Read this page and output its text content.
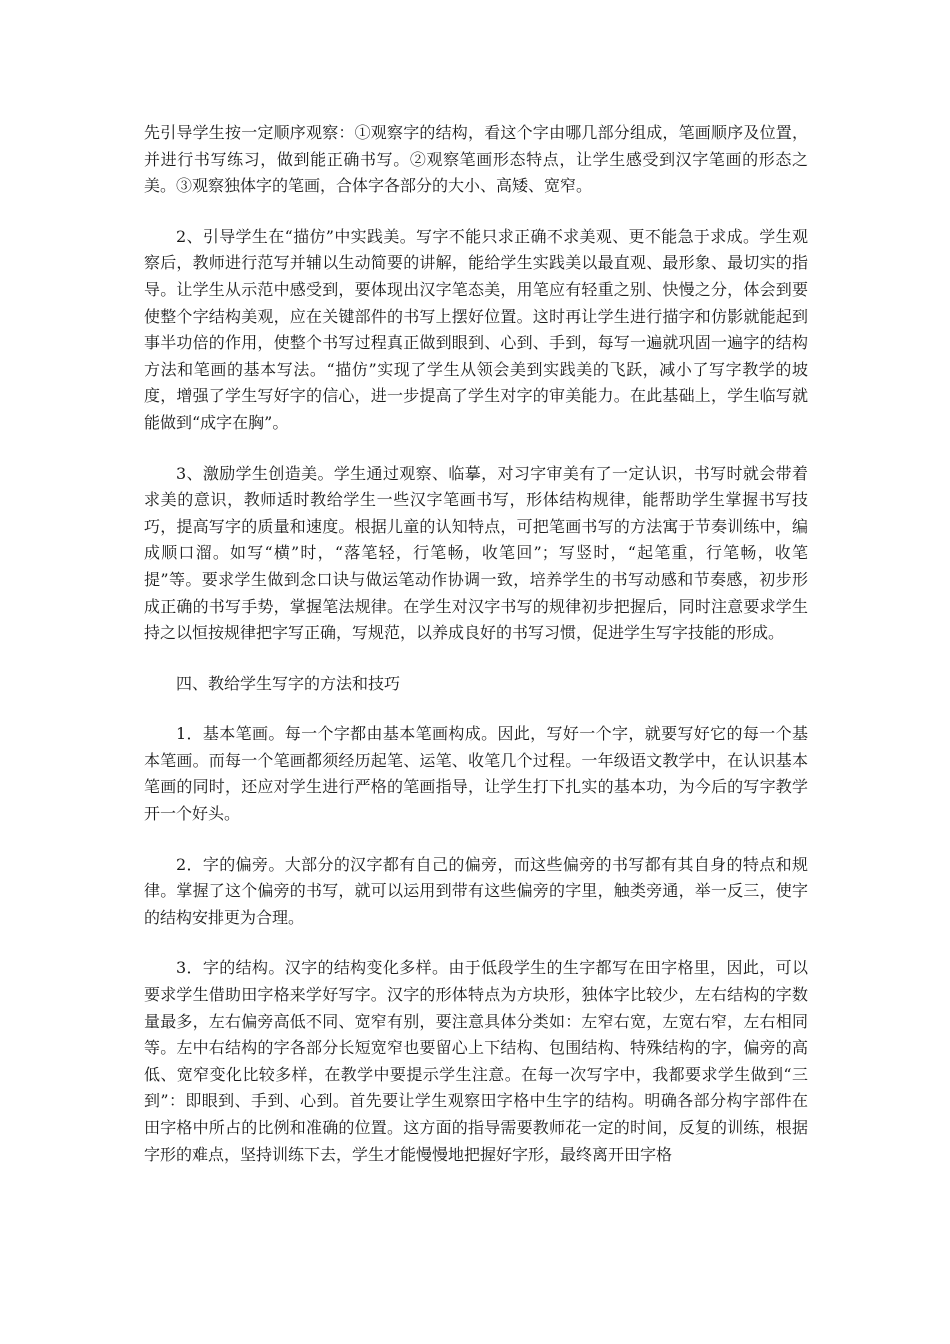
先引导学生按一定顺序观察：①观察字的结构，看这个字由哪几部分组成，笔画顺序及位置，并进行书写练习，做到能正确书写。②观察笔画形态特点，让学生感受到汉字笔画的形态之美。③观察独体字的笔画，合体字各部分的大小、高矮、宽窄。

2、引导学生在“描仿”中实践美。写字不能只求正确不求美观、更不能急于求成。学生观察后，教师进行范写并辅以生动简要的讲解，能给学生实践美以最直观、最形象、最切实的指导。让学生从示范中感受到，要体现出汉字笔态美，用笔应有轻重之别、快慢之分，体会到要使整个字结构美观，应在关键部件的书写上摆好位置。这时再让学生进行描字和仿影就能起到事半功倍的作用，使整个书写过程真正做到眼到、心到、手到，每写一遍就巩固一遍字的结构方法和笔画的基本写法。“描仿”实现了学生从领会美到实践美的飞跃，减小了写字教学的坡度，增强了学生写好字的信心，进一步提高了学生对字的审美能力。在此基础上，学生临写就能做到“成字在胸”。

3、激励学生创造美。学生通过观察、临摹，对习字审美有了一定认识，书写时就会带着求美的意识，教师适时教给学生一些汉字笔画书写，形体结构规律，能帮助学生掌握书写技巧，提高写字的质量和速度。根据儿童的认知特点，可把笔画书写的方法寓于节奏训练中，编成顺口溜。如写“横”时，“落笔轻，行笔畅，收笔回”；写竖时，“起笔重，行笔畅，收笔提”等。要求学生做到念口诀与做运笔动作协调一致，培养学生的书写动感和节奏感，初步形成正确的书写手势，掌握笔法规律。在学生对汉字书写的规律初步把握后，同时注意要求学生持之以恒按规律把字写正确，写规范，以养成良好的书写习惯，促进学生写字技能的形成。

四、教给学生写字的方法和技巧

1．基本笔画。每一个字都由基本笔画构成。因此，写好一个字，就要写好它的每一个基本笔画。而每一个笔画都须经历起笔、运笔、收笔几个过程。一年级语文教学中，在认识基本笔画的同时，还应对学生进行严格的笔画指导，让学生打下扎实的基本功，为今后的写字教学开一个好头。

2．字的偏旁。大部分的汉字都有自己的偏旁，而这些偏旁的书写都有其自身的特点和规律。掌握了这个偏旁的书写，就可以运用到带有这些偏旁的字里，触类旁通，举一反三，使字的结构安排更为合理。

3．字的结构。汉字的结构变化多样。由于低段学生的生字都写在田字格里，因此，可以要求学生借助田字格来学好写字。汉字的形体特点为方块形，独体字比较少，左右结构的字数量最多，左右偏旁高低不同、宽窄有别，要注意具体分类如：左窄右宽，左宽右窄，左右相同等。左中右结构的字各部分长短宽窄也要留心上下结构、包围结构、特殊结构的字，偏旁的高低、宽窄变化比较多样，在教学中要提示学生注意。在每一次写字中，我都要求学生做到“三到”：即眼到、手到、心到。首先要让学生观察田字格中生字的结构。明确各部分构字部件在田字格中所占的比例和准确的位置。这方面的指导需要教师花一定的时间，反复的训练，根据字形的难点，坚持训练下去，学生才能慢慢地把握好字形，最终离开田字格
